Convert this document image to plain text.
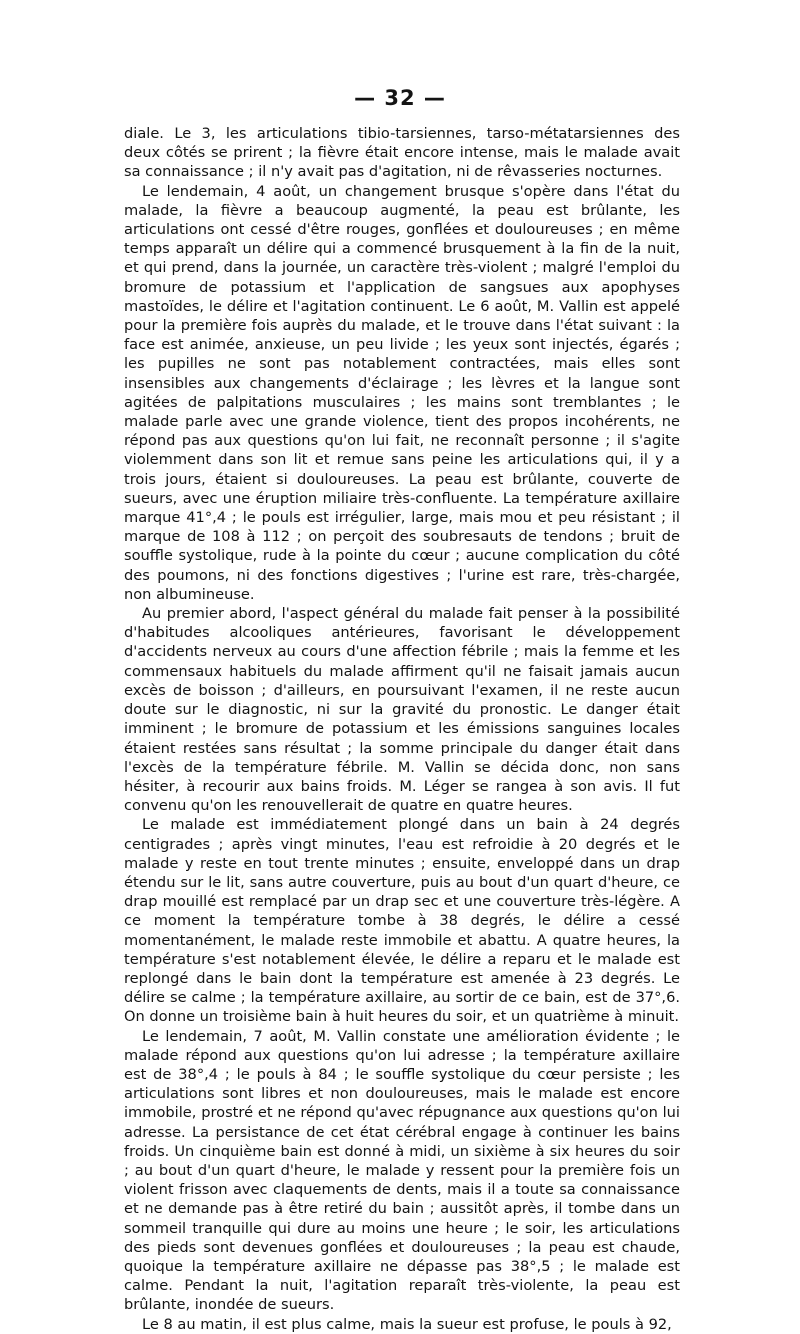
— 32 —

diale. Le 3, les articulations tibio-tarsiennes, tarso-métatarsiennes des deux côtés se prirent ; la fièvre était encore intense, mais le malade avait sa connaissance ; il n'y avait pas d'agitation, ni de rêvasseries nocturnes.

Le lendemain, 4 août, un changement brusque s'opère dans l'état du malade, la fièvre a beaucoup augmenté, la peau est brûlante, les articulations ont cessé d'être rouges, gonflées et douloureuses ; en même temps apparaît un délire qui a commencé brusquement à la fin de la nuit, et qui prend, dans la journée, un caractère très-violent ; malgré l'emploi du bromure de potassium et l'application de sangsues aux apophyses mastoïdes, le délire et l'agitation continuent. Le 6 août, M. Vallin est appelé pour la première fois auprès du malade, et le trouve dans l'état suivant : la face est animée, anxieuse, un peu livide ; les yeux sont injectés, égarés ; les pupilles ne sont pas notablement contractées, mais elles sont insensibles aux changements d'éclairage ; les lèvres et la langue sont agitées de palpitations musculaires ; les mains sont tremblantes ; le malade parle avec une grande violence, tient des propos incohérents, ne répond pas aux questions qu'on lui fait, ne reconnaît personne ; il s'agite violemment dans son lit et remue sans peine les articulations qui, il y a trois jours, étaient si douloureuses. La peau est brûlante, couverte de sueurs, avec une éruption miliaire très-confluente. La température axillaire marque 41°,4 ; le pouls est irrégulier, large, mais mou et peu résistant ; il marque de 108 à 112 ; on perçoit des soubresauts de tendons ; bruit de souffle systolique, rude à la pointe du cœur ; aucune complication du côté des poumons, ni des fonctions digestives ; l'urine est rare, très-chargée, non albumineuse.

Au premier abord, l'aspect général du malade fait penser à la possibilité d'habitudes alcooliques antérieures, favorisant le développement d'accidents nerveux au cours d'une affection fébrile ; mais la femme et les commensaux habituels du malade affirment qu'il ne faisait jamais aucun excès de boisson ; d'ailleurs, en poursuivant l'examen, il ne reste aucun doute sur le diagnostic, ni sur la gravité du pronostic. Le danger était imminent ; le bromure de potassium et les émissions sanguines locales étaient restées sans résultat ; la somme principale du danger était dans l'excès de la température fébrile. M. Vallin se décida donc, non sans hésiter, à recourir aux bains froids. M. Léger se rangea à son avis. Il fut convenu qu'on les renouvellerait de quatre en quatre heures.

Le malade est immédiatement plongé dans un bain à 24 degrés centigrades ; après vingt minutes, l'eau est refroidie à 20 degrés et le malade y reste en tout trente minutes ; ensuite, enveloppé dans un drap étendu sur le lit, sans autre couverture, puis au bout d'un quart d'heure, ce drap mouillé est remplacé par un drap sec et une couverture très-légère. A ce moment la température tombe à 38 degrés, le délire a cessé momentanément, le malade reste immobile et abattu. A quatre heures, la température s'est notablement élevée, le délire a reparu et le malade est replongé dans le bain dont la température est amenée à 23 degrés. Le délire se calme ; la température axillaire, au sortir de ce bain, est de 37°,6. On donne un troisième bain à huit heures du soir, et un quatrième à minuit.

Le lendemain, 7 août, M. Vallin constate une amélioration évidente ; le malade répond aux questions qu'on lui adresse ; la température axillaire est de 38°,4 ; le pouls à 84 ; le souffle systolique du cœur persiste ; les articulations sont libres et non douloureuses, mais le malade est encore immobile, prostré et ne répond qu'avec répugnance aux questions qu'on lui adresse. La persistance de cet état cérébral engage à continuer les bains froids. Un cinquième bain est donné à midi, un sixième à six heures du soir ; au bout d'un quart d'heure, le malade y ressent pour la première fois un violent frisson avec claquements de dents, mais il a toute sa connaissance et ne demande pas à être retiré du bain ; aussitôt après, il tombe dans un sommeil tranquille qui dure au moins une heure ; le soir, les articulations des pieds sont devenues gonflées et douloureuses ; la peau est chaude, quoique la température axillaire ne dépasse pas 38°,5 ; le malade est calme. Pendant la nuit, l'agitation reparaît très-violente, la peau est brûlante, inondée de sueurs.

Le 8 au matin, il est plus calme, mais la sueur est profuse, le pouls à 92,
